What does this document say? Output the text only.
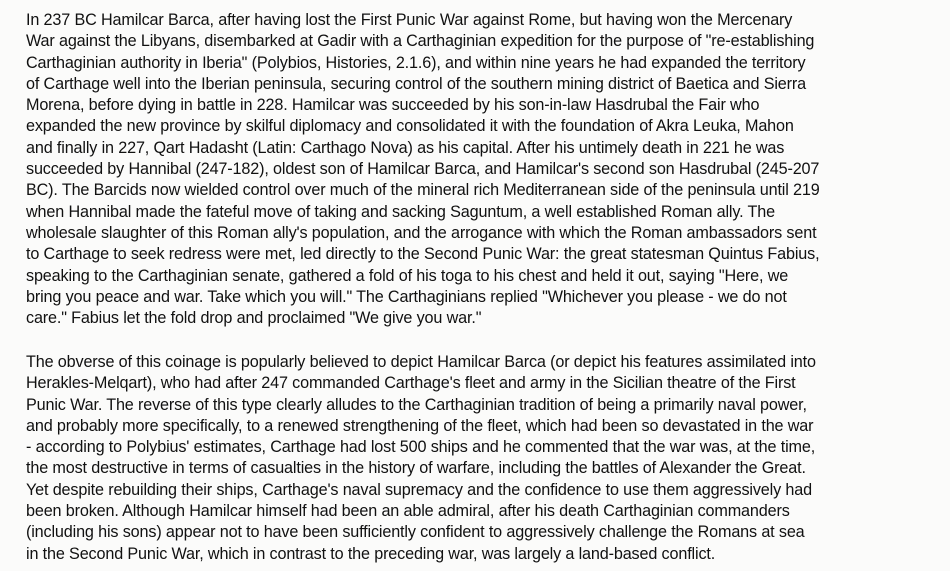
In 237 BC Hamilcar Barca, after having lost the First Punic War against Rome, but having won the Mercenary
War against the Libyans, disembarked at Gadir with a Carthaginian expedition for the purpose of "re-establishing
Carthaginian authority in Iberia" (Polybios, Histories, 2.1.6), and within nine years he had expanded the territory
of Carthage well into the Iberian peninsula, securing control of the southern mining district of Baetica and Sierra
Morena, before dying in battle in 228. Hamilcar was succeeded by his son-in-law Hasdrubal the Fair who
expanded the new province by skilful diplomacy and consolidated it with the foundation of Akra Leuka, Mahon
and finally in 227, Qart Hadasht (Latin: Carthago Nova) as his capital. After his untimely death in 221 he was
succeeded by Hannibal (247-182), oldest son of Hamilcar Barca, and Hamilcar's second son Hasdrubal (245-207
BC). The Barcids now wielded control over much of the mineral rich Mediterranean side of the peninsula until 219
when Hannibal made the fateful move of taking and sacking Saguntum, a well established Roman ally. The
wholesale slaughter of this Roman ally's population, and the arrogance with which the Roman ambassadors sent
to Carthage to seek redress were met, led directly to the Second Punic War: the great statesman Quintus Fabius,
speaking to the Carthaginian senate, gathered a fold of his toga to his chest and held it out, saying "Here, we
bring you peace and war. Take which you will." The Carthaginians replied "Whichever you please - we do not
care." Fabius let the fold drop and proclaimed "We give you war."
The obverse of this coinage is popularly believed to depict Hamilcar Barca (or depict his features assimilated into
Herakles-Melqart), who had after 247 commanded Carthage's fleet and army in the Sicilian theatre of the First
Punic War. The reverse of this type clearly alludes to the Carthaginian tradition of being a primarily naval power,
and probably more specifically, to a renewed strengthening of the fleet, which had been so devastated in the war
- according to Polybius' estimates, Carthage had lost 500 ships and he commented that the war was, at the time,
the most destructive in terms of casualties in the history of warfare, including the battles of Alexander the Great.
Yet despite rebuilding their ships, Carthage's naval supremacy and the confidence to use them aggressively had
been broken. Although Hamilcar himself had been an able admiral, after his death Carthaginian commanders
(including his sons) appear not to have been sufficiently confident to aggressively challenge the Romans at sea
in the Second Punic War, which in contrast to the preceding war, was largely a land-based conflict.
